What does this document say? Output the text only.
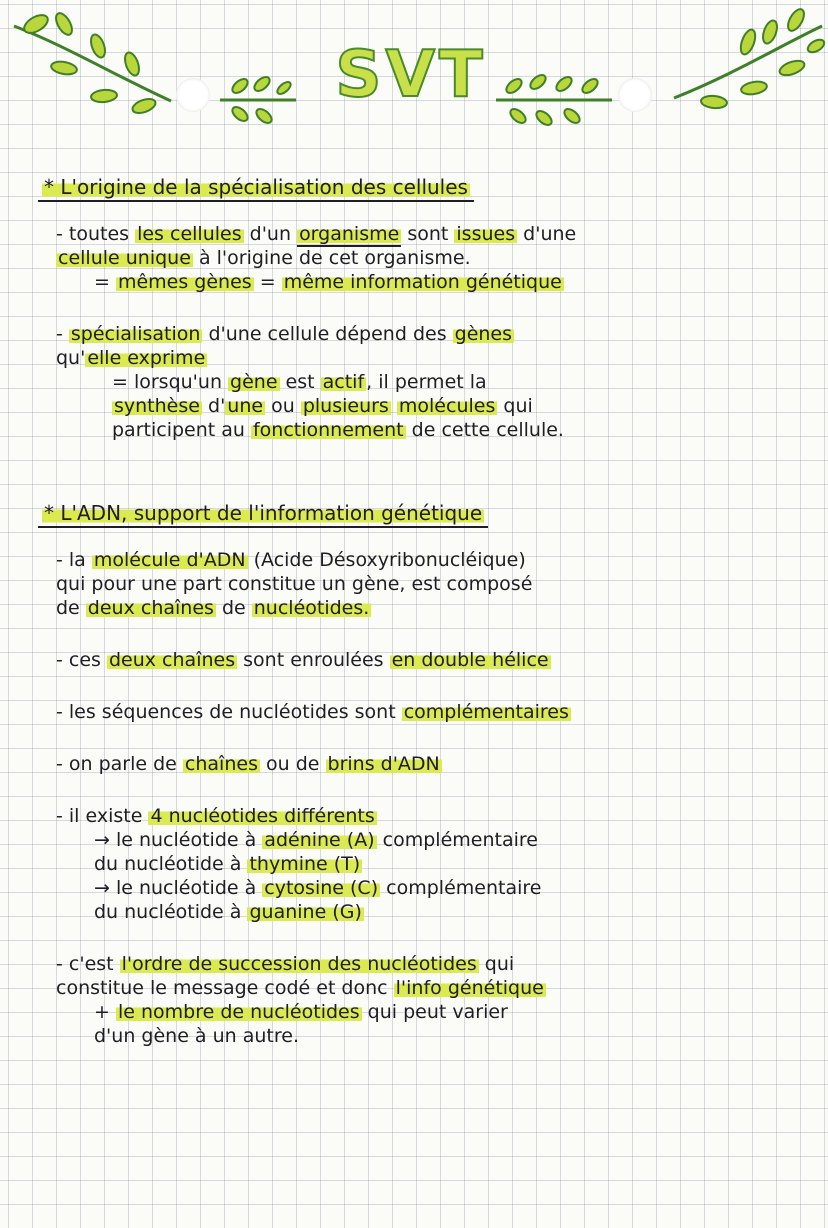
SVT

* L'origine de la spécialisation des cellules

- toutes les cellules d'un organisme sont issues d'une

cellule unique à l'origine de cet organisme.

= mêmes gènes = même information génétique

- spécialisation d'une cellule dépend des gènes

qu' elle exprime

= lorsqu'un gène est actif , il permet la

synthèse d' une ou plusieurs molécules qui

participent au fonctionnement de cette cellule.

* L'ADN, support de l'information génétique

- la molécule d'ADN (Acide Désoxyribonucléique)

qui pour une part constitue un gène, est composé

de deux chaînes de nucléotides.

- ces deux chaînes sont enroulées en double hélice

- les séquences de nucléotides sont complémentaires

- on parle de chaînes ou de brins d'ADN

- il existe 4 nucléotides différents

→ le nucléotide à adénine (A) complémentaire

du nucléotide à thymine (T)

→ le nucléotide à cytosine (C) complémentaire

du nucléotide à guanine (G)

- c'est l'ordre de succession des nucléotides qui

constitue le message codé et donc l'info génétique

+ le nombre de nucléotides qui peut varier

d'un gène à un autre.
